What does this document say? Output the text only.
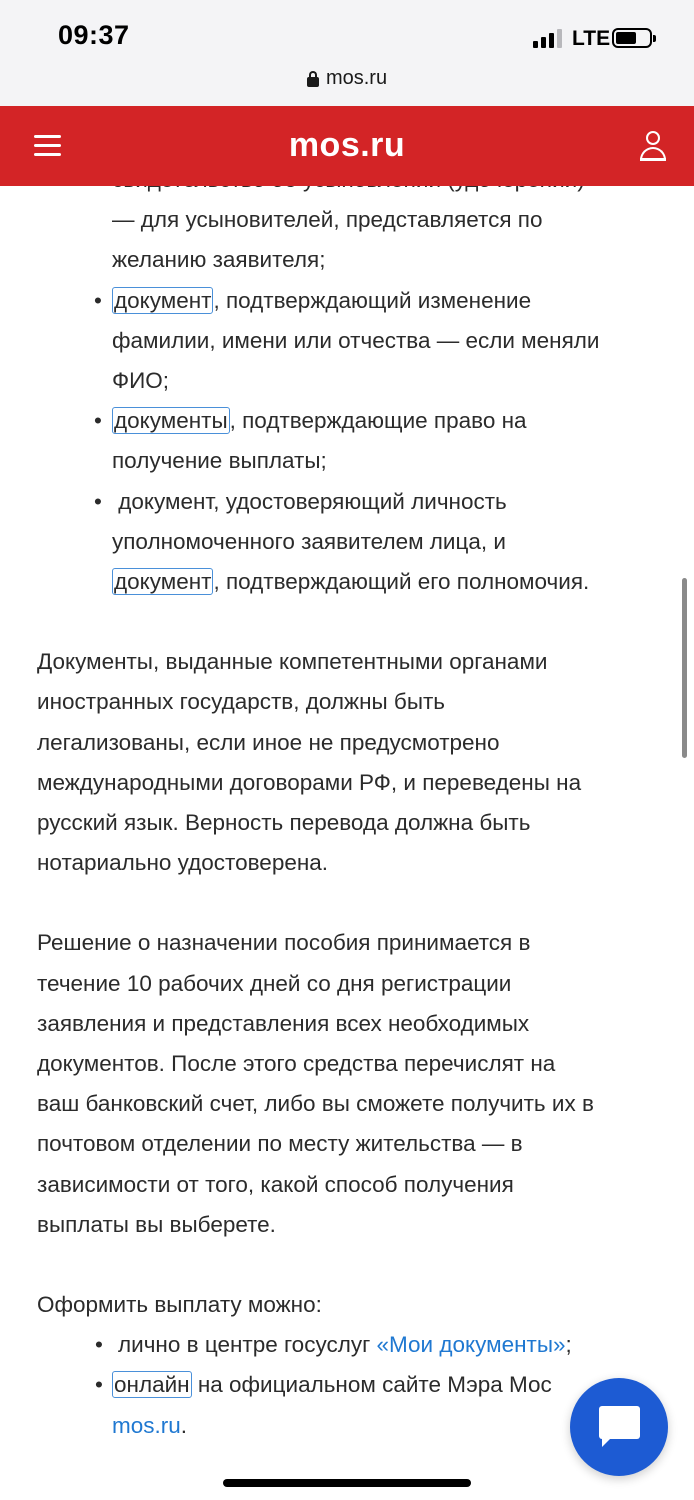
09:37	LTE
mos.ru
mos.ru
— для усыновителей, представляется по
желанию заявителя;
• документ, подтверждающий изменение
фамилии, имени или отчества — если меняли
ФИО;
• документы, подтверждающие право на
получение выплаты;
• документ, удостоверяющий личность
уполномоченного заявителем лица, и
документ, подтверждающий его полномочия.
Документы, выданные компетентными органами
иностранных государств, должны быть
легализованы, если иное не предусмотрено
международными договорами РФ, и переведены на
русский язык. Верность перевода должна быть
нотариально удостоверена.
Решение о назначении пособия принимается в
течение 10 рабочих дней со дня регистрации
заявления и представления всех необходимых
документов. После этого средства перечислят на
ваш банковский счет, либо вы сможете получить их в
почтовом отделении по месту жительства — в
зависимости от того, какой способ получения
выплаты вы выберете.
Оформить выплату можно:
• лично в центре госуслуг «Мои документы»;
• онлайн на официальном сайте Мэра Мос
mos.ru.
